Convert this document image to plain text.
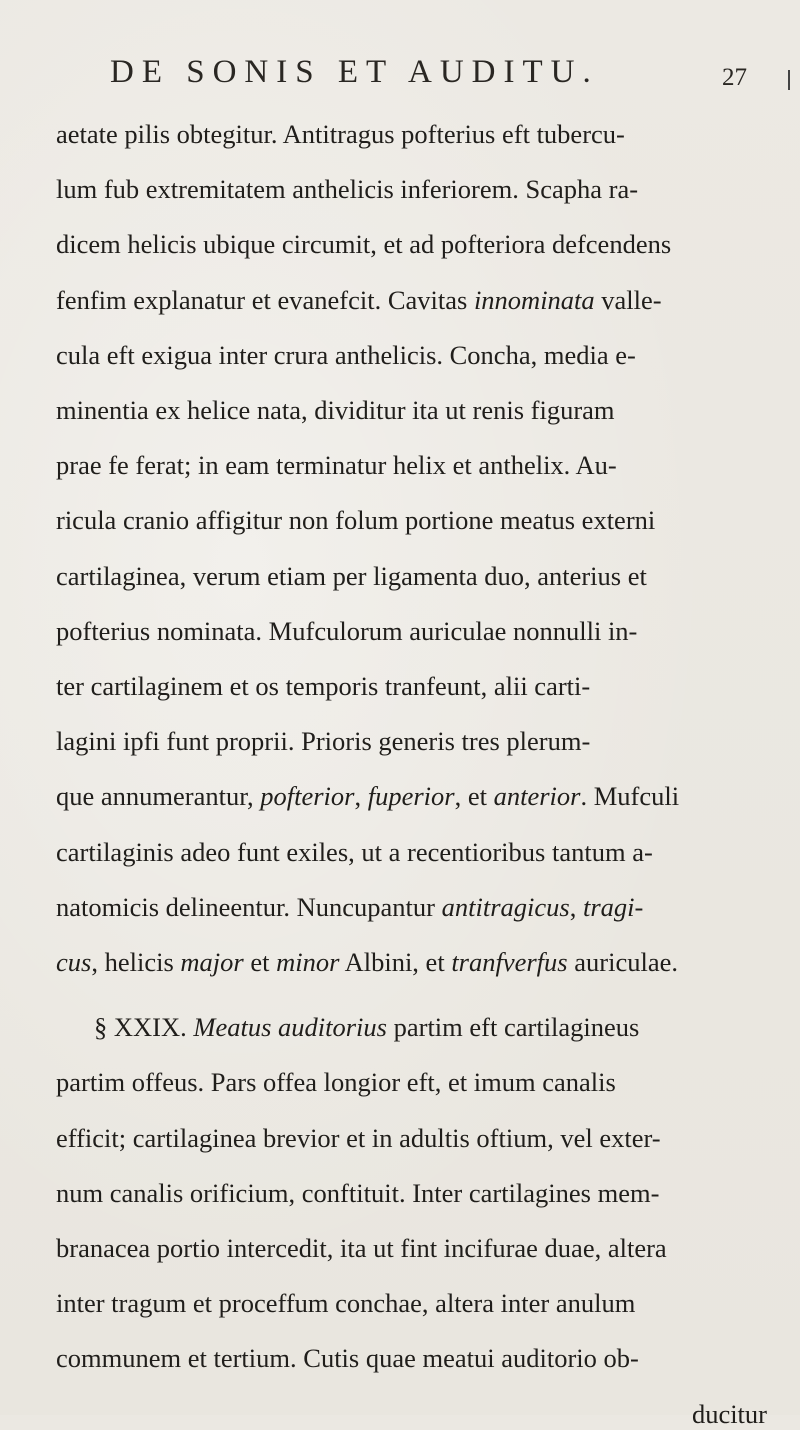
DE SONIS ET AUDITU.	27
aetate pilis obtegitur. Antitragus pofterius eft tubercu-
lum fub extremitatem anthelicis inferiorem. Scapha ra-
dicem helicis ubique circumit, et ad pofteriora defcendens
fenfim explanatur et evanefcit. Cavitas innominata valle-
cula eft exigua inter crura anthelicis. Concha, media e-
minentia ex helice nata, dividitur ita ut renis figuram
prae fe ferat; in eam terminatur helix et anthelix. Au-
ricula cranio affigitur non folum portione meatus externi
cartilaginea, verum etiam per ligamenta duo, anterius et
pofterius nominata. Mufculorum auriculae nonnulli in-
ter cartilaginem et os temporis tranfeunt, alii carti-
lagini ipfi funt proprii. Prioris generis tres plerum-
que annumerantur, pofterior, fuperior, et anterior. Mufculi
cartilaginis adeo funt exiles, ut a recentioribus tantum a-
natomicis delineentur. Nuncupantur antitragicus, tragi-
cus, helicis major et minor Albini, et tranfverfus auriculae.
§ XXIX. Meatus auditorius partim eft cartilagineus
partim offeus. Pars offea longior eft, et imum canalis
efficit; cartilaginea brevior et in adultis oftium, vel exter-
num canalis orificium, conftituit. Inter cartilagines mem-
branacea portio intercedit, ita ut fint incifurae duae, altera
inter tragum et proceffum conchae, altera inter anulum
communem et tertium. Cutis quae meatui auditorio ob-
ducitur
